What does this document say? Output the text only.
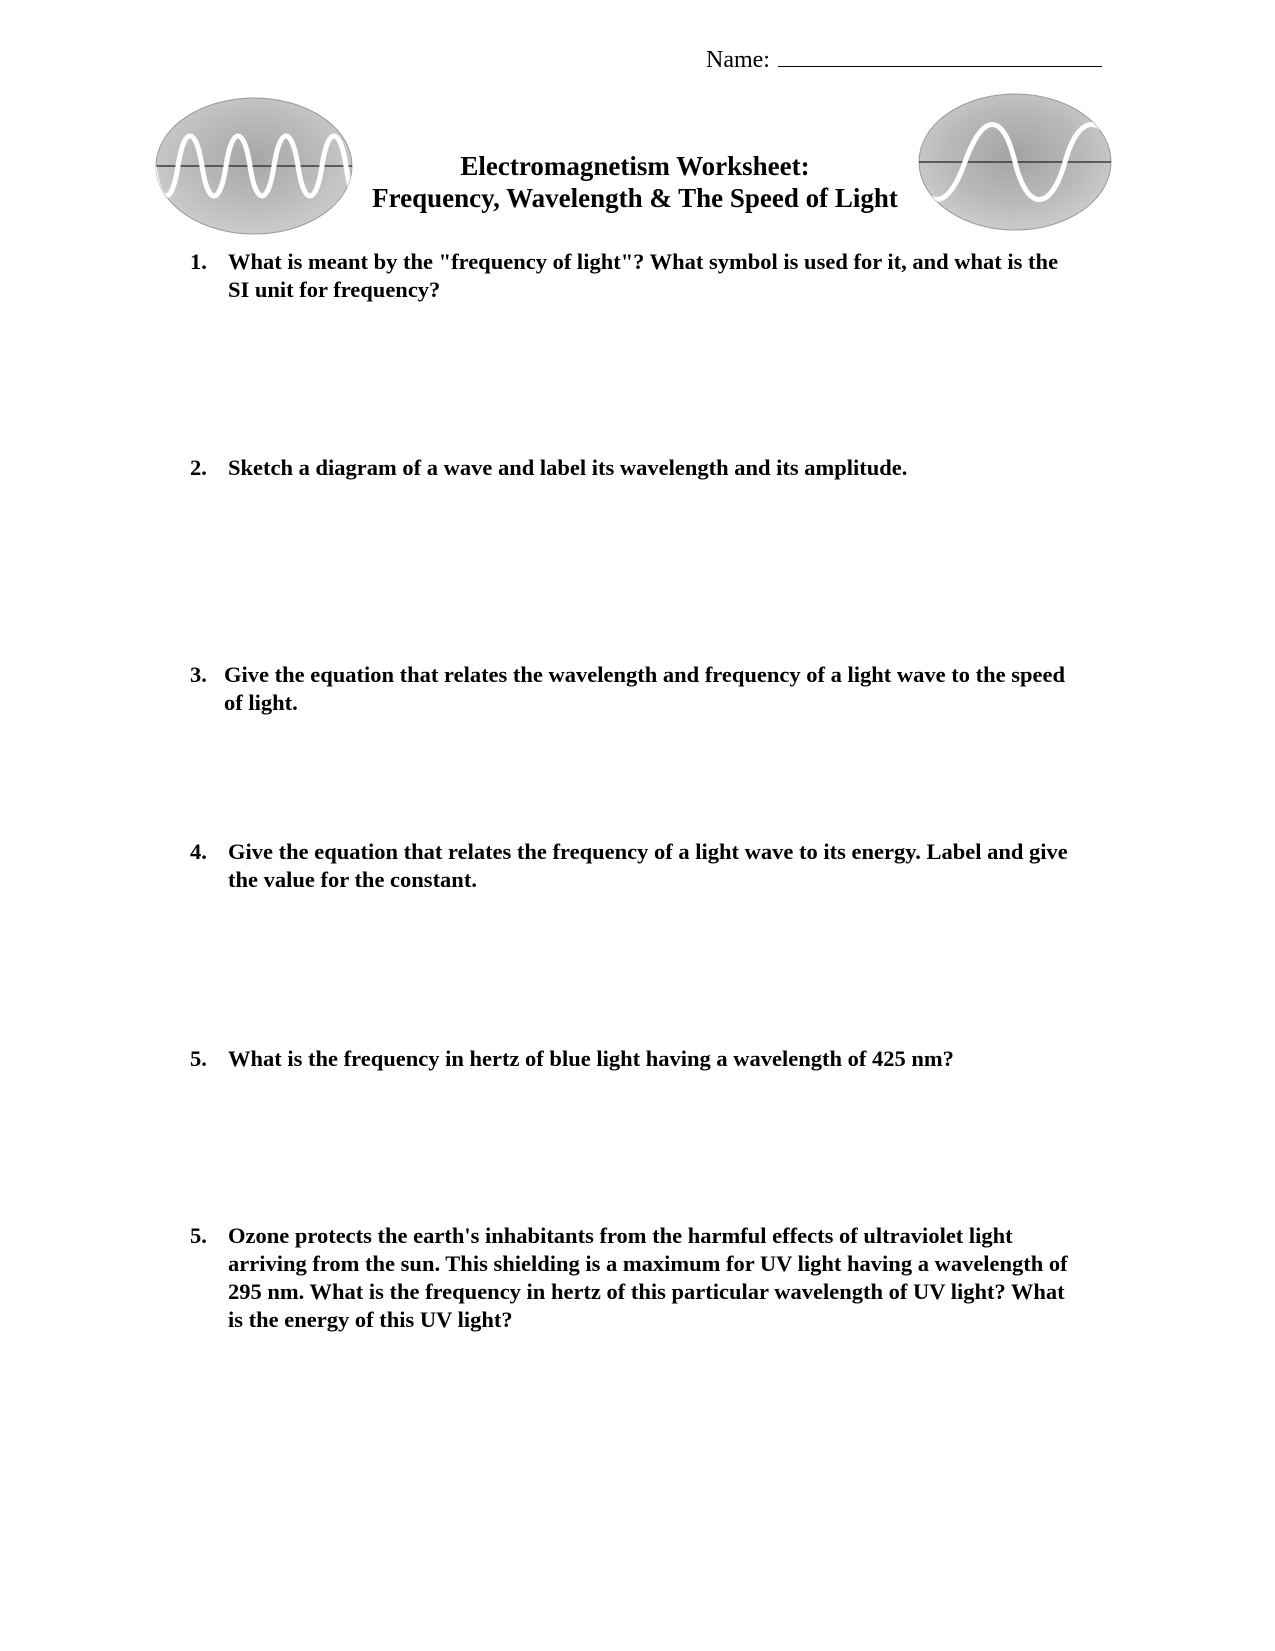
Name:
Electromagnetism Worksheet:
Frequency, Wavelength & The Speed of Light
1. What is meant by the "frequency of light"? What symbol is used for it, and what is the SI unit for frequency?
2. Sketch a diagram of a wave and label its wavelength and its amplitude.
3. Give the equation that relates the wavelength and frequency of a light wave to the speed of light.
4. Give the equation that relates the frequency of a light wave to its energy. Label and give the value for the constant.
5. What is the frequency in hertz of blue light having a wavelength of 425 nm?
5. Ozone protects the earth's inhabitants from the harmful effects of ultraviolet light arriving from the sun. This shielding is a maximum for UV light having a wavelength of 295 nm. What is the frequency in hertz of this particular wavelength of UV light? What is the energy of this UV light?
